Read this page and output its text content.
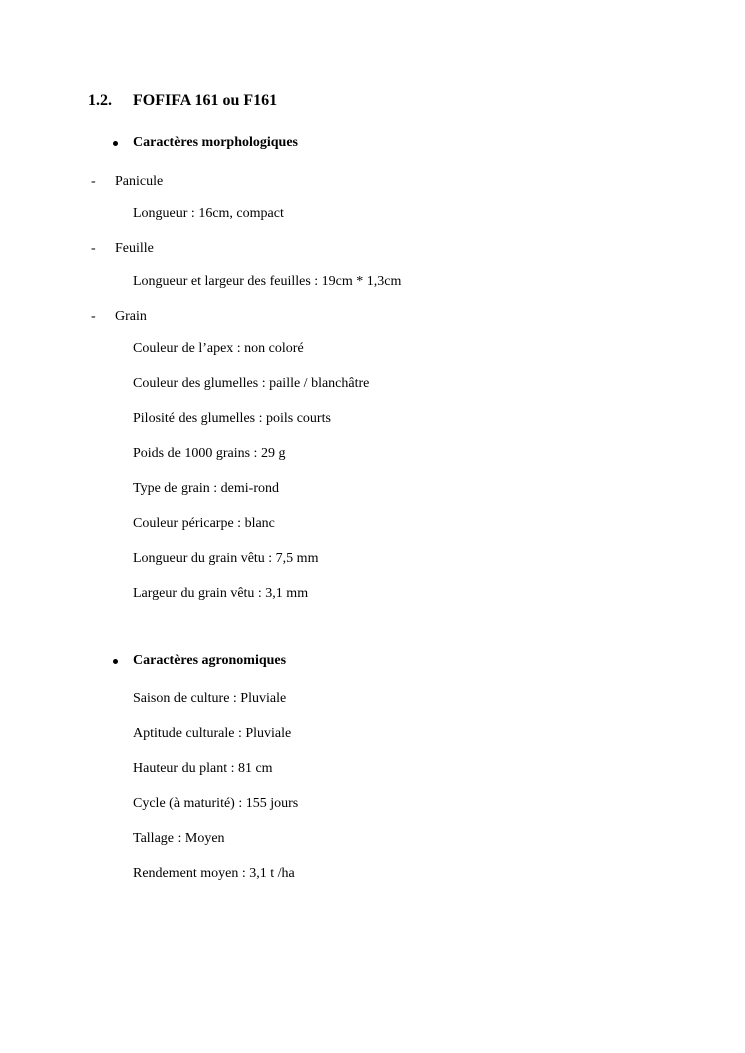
1.2. FOFIFA 161 ou F161
Caractères morphologiques
- Panicule
Longueur : 16cm, compact
- Feuille
Longueur et largeur des feuilles : 19cm * 1,3cm
- Grain
Couleur de l’apex : non coloré
Couleur des glumelles : paille / blanchâtre
Pilosité des glumelles : poils courts
Poids de 1000 grains : 29 g
Type de grain : demi-rond
Couleur péricarpe : blanc
Longueur du grain vêtu : 7,5 mm
Largeur du grain vêtu : 3,1 mm
Caractères agronomiques
Saison de culture : Pluviale
Aptitude culturale : Pluviale
Hauteur du plant : 81 cm
Cycle (à maturité) : 155 jours
Tallage : Moyen
Rendement moyen : 3,1 t /ha
